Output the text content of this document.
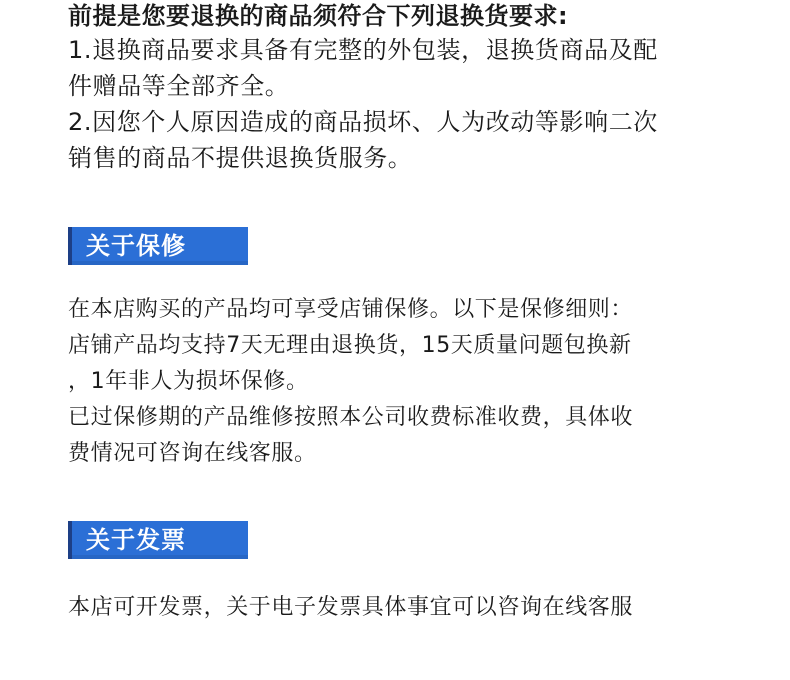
前提是您要退换的商品须符合下列退换货要求:

1.退换商品要求具备有完整的外包装，退换货商品及配

件赠品等全部齐全。

2.因您个人原因造成的商品损坏、人为改动等影响二次

销售的商品不提供退换货服务。

关于保修

在本店购买的产品均可享受店铺保修。以下是保修细则：

店铺产品均支持7天无理由退换货，15天质量问题包换新

，1年非人为损坏保修。

已过保修期的产品维修按照本公司收费标准收费，具体收

费情况可咨询在线客服。

关于发票

本店可开发票，关于电子发票具体事宜可以咨询在线客服
